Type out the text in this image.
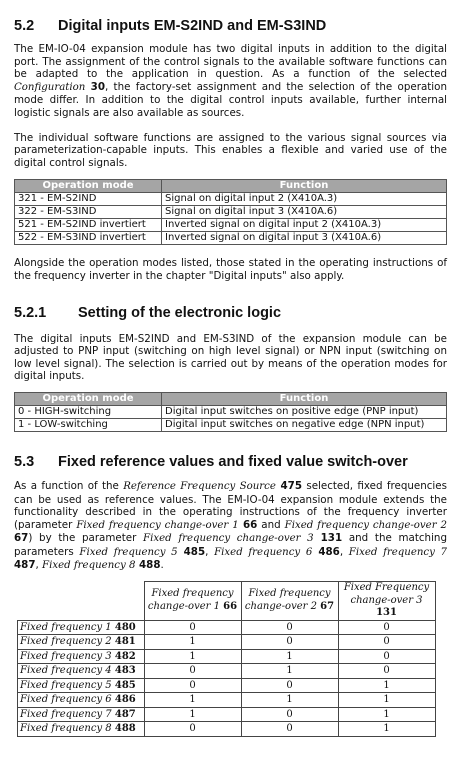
5.2	Digital inputs EM-S2IND and EM-S3IND

The EM-IO-04 expansion module has two digital inputs in addition to the digital port. The assignment of the control signals to the available software functions can be adapted to the application in question. As a function of the selected Configuration 30, the factory-set assignment and the selection of the operation mode differ. In addition to the digital control inputs available, further internal logistic signals are also available as sources.

The individual software functions are assigned to the various signal sources via parameterization-capable inputs. This enables a flexible and varied use of the digital control signals.

Operation mode	Function
321 - EM-S2IND	Signal on digital input 2 (X410A.3)
322 - EM-S3IND	Signal on digital input 3 (X410A.6)
521 - EM-S2IND invertiert	Inverted signal on digital input 2 (X410A.3)
522 - EM-S3IND invertiert	Inverted signal on digital input 3 (X410A.6)

Alongside the operation modes listed, those stated in the operating instructions of the frequency inverter in the chapter "Digital inputs" also apply.

5.2.1	Setting of the electronic logic

The digital inputs EM-S2IND and EM-S3IND of the expansion module can be adjusted to PNP input (switching on high level signal) or NPN input (switching on low level signal). The selection is carried out by means of the operation modes for digital inputs.

Operation mode	Function
0 - HIGH-switching	Digital input switches on positive edge (PNP input)
1 - LOW-switching	Digital input switches on negative edge (NPN input)
5.3	Fixed reference values and fixed value switch-over

As a function of the Reference Frequency Source 475 selected, fixed frequencies can be used as reference values. The EM-IO-04 expansion module extends the functionality described in the operating instructions of the frequency inverter (parameter Fixed frequency change-over 1 66 and Fixed frequency change-over 2 67) by the parameter Fixed frequency change-over 3 131 and the matching parameters Fixed frequency 5 485, Fixed frequency 6 486, Fixed frequency 7 487, Fixed frequency 8 488.

	Fixed frequency change-over 1 66	Fixed frequency change-over 2 67	Fixed Frequency change-over 3 131
Fixed frequency 1 480	0	0	0
Fixed frequency 2 481	1	0	0
Fixed frequency 3 482	1	1	0
Fixed frequency 4 483	0	1	0
Fixed frequency 5 485	0	0	1
Fixed frequency 6 486	1	1	1
Fixed frequency 7 487	1	0	1
Fixed frequency 8 488	0	0	1
